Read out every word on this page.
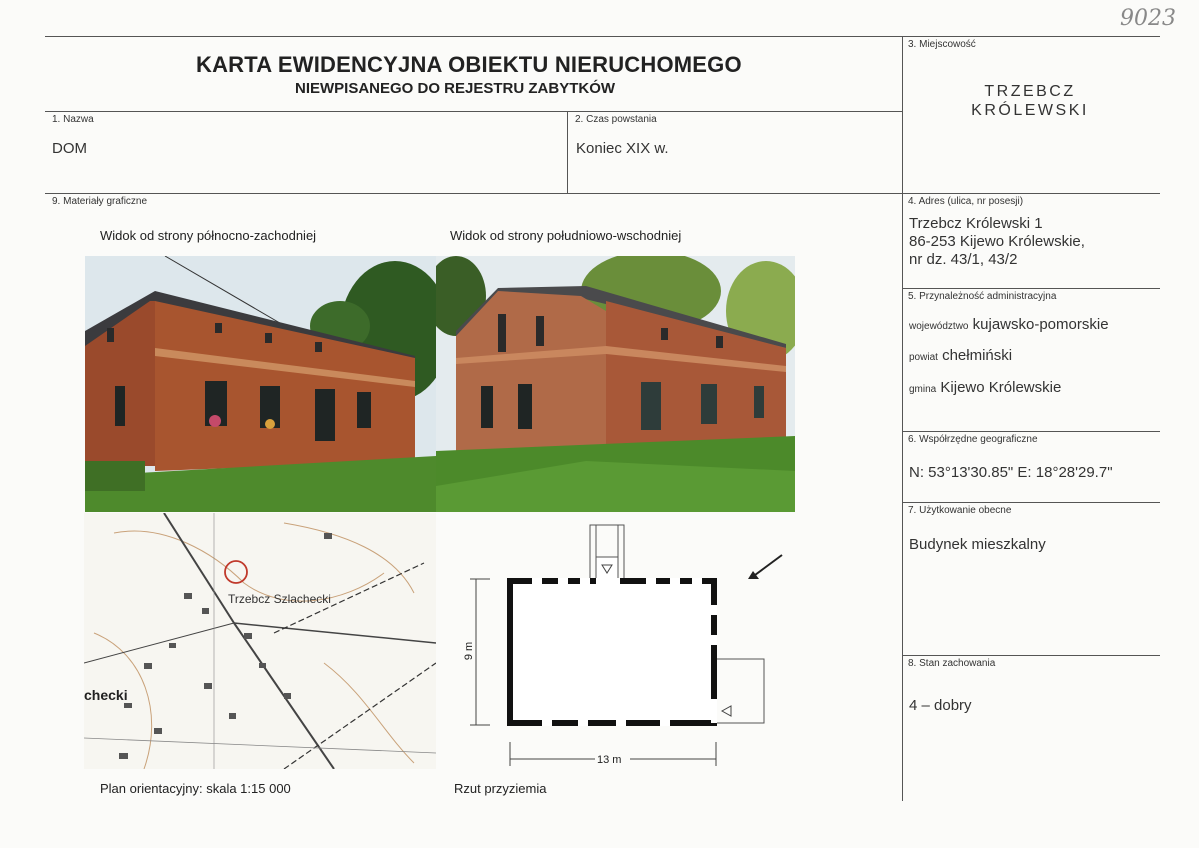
9023
KARTA EWIDENCYJNA OBIEKTU NIERUCHOMEGO
NIEWPISANEGO DO REJESTRU ZABYTKÓW
3. Miejscowość
TRZEBCZ
KRÓLEWSKI
1. Nazwa
DOM
2. Czas powstania
Koniec XIX w.
9. Materiały graficzne	4. Adres (ulica, nr posesji)
Trzebcz Królewski 1
86-253 Kijewo Królewskie,
nr dz. 43/1, 43/2
5. Przynależność administracyjna
województwo kujawsko-pomorskie
powiat chełmiński
gmina Kijewo Królewskie
6. Współrzędne geograficzne
N: 53°13'30.85" E: 18°28'29.7"
7. Użytkowanie obecne
Budynek mieszkalny
8. Stan zachowania
4 – dobry
Widok od strony północno-zachodniej	Widok od strony południowo-wschodniej
Plan orientacyjny: skala 1:15 000	Rzut przyziemia
Trzebcz Szlachecki
checki
13 m
9 m
